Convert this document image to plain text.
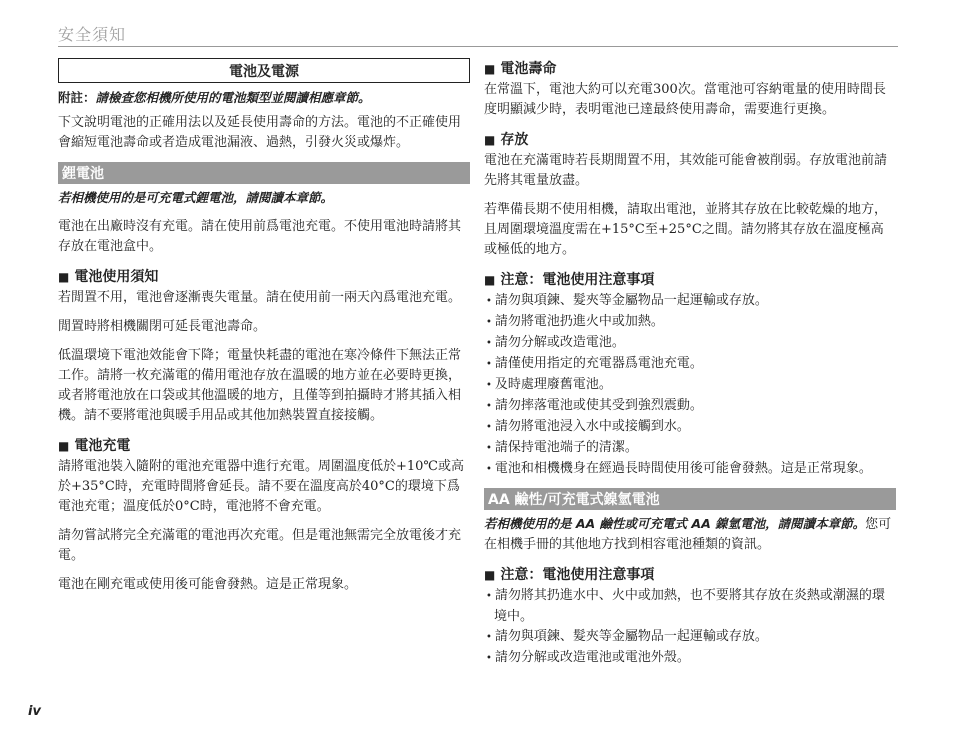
安全須知
電池及電源
附註：請檢查您相機所使用的電池類型並閱讀相應章節。

下文說明電池的正確用法以及延長使用壽命的方法。電池的不正確使用會縮短電池壽命或者造成電池漏液、過熱，引發火災或爆炸。

鋰電池
若相機使用的是可充電式鋰電池，請閱讀本章節。

電池在出廠時沒有充電。請在使用前爲電池充電。不使用電池時請將其存放在電池盒中。

■ 電池使用須知

若閒置不用，電池會逐漸喪失電量。請在使用前一兩天內爲電池充電。

閒置時將相機關閉可延長電池壽命。

低溫環境下電池效能會下降；電量快耗盡的電池在寒冷條件下無法正常工作。請將一枚充滿電的備用電池存放在溫暖的地方並在必要時更換，或者將電池放在口袋或其他溫暖的地方，且僅等到拍攝時才將其插入相機。請不要將電池與暖手用品或其他加熱裝置直接接觸。

■ 電池充電

請將電池裝入隨附的電池充電器中進行充電。周圍溫度低於+10℃或高於+35°C時，充電時間將會延長。請不要在溫度高於40°C的環境下爲電池充電；溫度低於0°C時，電池將不會充電。

請勿嘗試將完全充滿電的電池再次充電。但是電池無需完全放電後才充電。

電池在剛充電或使用後可能會發熱。這是正常現象。

■ 電池壽命

在常溫下，電池大約可以充電300次。當電池可容納電量的使用時間長度明顯減少時，表明電池已達最終使用壽命，需要進行更換。

■ 存放

電池在充滿電時若長期閒置不用，其效能可能會被削弱。存放電池前請先將其電量放盡。

若準備長期不使用相機，請取出電池，並將其存放在比較乾燥的地方，且周圍環境溫度需在+15°C至+25°C之間。請勿將其存放在溫度極高或極低的地方。

■ 注意：電池使用注意事項
• 請勿與項鍊、髮夾等金屬物品一起運輸或存放。
• 請勿將電池扔進火中或加熱。
• 請勿分解或改造電池。
• 請僅使用指定的充電器爲電池充電。
• 及時處理廢舊電池。
• 請勿摔落電池或使其受到強烈震動。
• 請勿將電池浸入水中或接觸到水。
• 請保持電池端子的清潔。
• 電池和相機機身在經過長時間使用後可能會發熱。這是正常現象。
AA 鹼性/可充電式鎳氫電池
若相機使用的是 AA 鹼性或可充電式 AA 鎳氫電池，請閱讀本章節。您可在相機手冊的其他地方找到相容電池種類的資訊。
■ 注意：電池使用注意事項
• 請勿將其扔進水中、火中或加熱，也不要將其存放在炎熱或潮濕的環境中。
• 請勿與項鍊、髮夾等金屬物品一起運輸或存放。
• 請勿分解或改造電池或電池外殼。
iv
